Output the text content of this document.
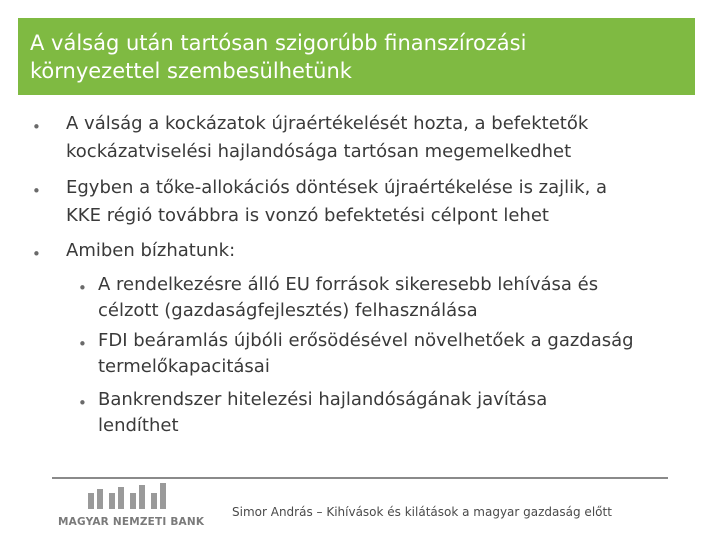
A válság után tartósan szigorúbb finanszírozási
környezettel szembesülhetünk
• A válság a kockázatok újraértékelését hozta, a befektetők
kockázatviselési hajlandósága tartósan megemelkedhet
• Egyben a tőke-allokációs döntések újraértékelése is zajlik, a
KKE régió továbbra is vonzó befektetési célpont lehet
• Amiben bízhatunk:
• A rendelkezésre álló EU források sikeresebb lehívása és
célzott (gazdaságfejlesztés) felhasználása
• FDI beáramlás újbóli erősödésével növelhetőek a gazdaság
termelőkapacitásai
• Bankrendszer hitelezési hajlandóságának javítása
lendíthet
MAGYAR NEMZETI BANK
Simor András – Kihívások és kilátások a magyar gazdaság előtt
